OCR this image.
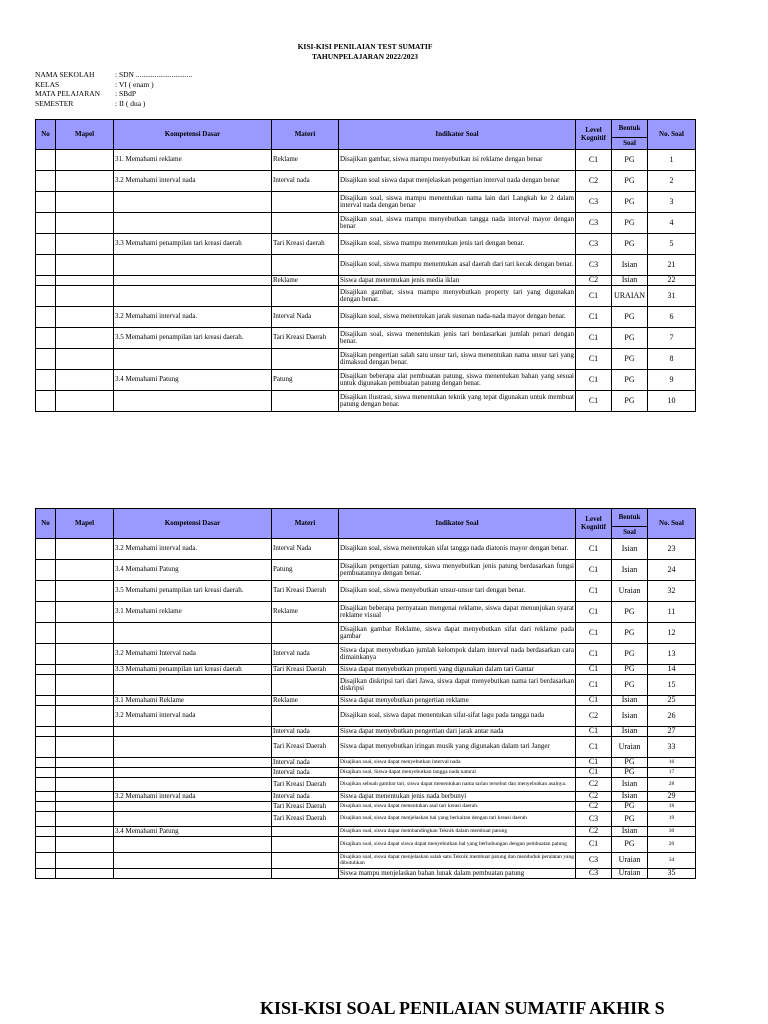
KISI-KISI PENILAIAN TEST SUMATIF
TAHUNPELAJARAN 2022/2023
NAMA SEKOLAH	: SDN ..............................
KELAS	: VI ( enam )
MATA PELAJARAN	: SBdP
SEMESTER	: II ( dua )
No	Mapel	Kompetensi Dasar	Materi	Indikator Soal	Level Kognitif	Bentuk	No. Soal
						Soal	
		31. Memahami reklame	Reklame	Disajikan gambar, siswa mampu menyebutkan isi reklame dengan benar	C1	PG	1
		3.2 Memahami interval nada	Interval nada	Disajikan soal siswa dapat menjelaskan pengertian interval nada dengan benar	C2	PG	2
				Disajikan soal, siswa mampu menentukan nama lain dari Langkah ke 2 dalam interval nada dengan benar	C3	PG	3
				Disajikan soal, siswa mampu menyebutkan tangga nada interval mayor dengan benar	C3	PG	4
		3.3 Memahami penampilan tari kreasi daerah	Tari Kreasi daerah	Disajikan soal, siswa mampu menentukan jenis tari dengan benar.	C3	PG	5
				Disajikan soal, siswa mampu menentukan asal daerah dari tari kecak dengan benar.	C3	Isian	21
			Reklame	Siswa dapat menentukan jenis media iklan	C2	Isian	22
				Disajikan gambar, siswa mampu menyebutkan property tari yang digunakan dengan benar.	C1	URAIAN	31
		3.2 Memahami interval nada.	Interval Nada	Disajikan soal, siswa menentukan jarak susunan nada-nada mayor dengan benar.	C1	PG	6
		3.5 Memahami penampilan tari kreasi daerah.	Tari Kreasi Daerah	Disajikan soal, siswa menentukan jenis tari berdasarkan jumlah penari dengan benar.	C1	PG	7
				Disajikan pengertian salah satu unsur tari, siswa menentukan nama unsur tari yang dimaksud dengan benar.	C1	PG	8
		3.4 Memahami Patung	Patung	Disajikan beberapa alat pembuatan patung, siswa menentukan bahan yang sesuai untuk digunakan pembuatan patung dengan benar.	C1	PG	9
				Disajikan ilustrasi, siswa menentukan teknik yang tepat digunakan untuk membuat patung dengan benar.	C1	PG	10
No	Mapel	Kompetensi Dasar	Materi	Indikator Soal	Level Kognitif	Bentuk	No. Soal
						Soal	
		3.2 Memahami interval nada.	Interval Nada	Disajikan soal, siswa menentukan sifat tangga nada diatonis mayor dengan benar.	C1	Isian	23
		3.4 Memahami Patung	Patung	Disajikan pengertian patung, siswa menyebutkan jenis patung berdasarkan fungsi pembuatannya dengan benar.	C1	Isian	24
		3.5 Memahami penampilan tari kreasi daerah.	Tari Kreasi Daerah	Disajikan soal, siswa menyebutkan unsur-unsur tari dengan benar.	C1	Uraian	32
		3.1 Memahami reklame	Reklame	Disajikan beberapa pernyataan mengenai reklame, siswa dapat menunjukan syarat reklame visual	C1	PG	11
				Disajikan gambar Reklame, siswa dapat menyebutkan sifat dari reklame pada gambar	C1	PG	12
		3.2 Memahami Interval nada	Interval nada	Siswa dapat menyebutkan jumlah kelompok dalam interval nada berdasarkan cara dimainkanya	C1	PG	13
		3.3 Memahami penampilan tari kreasi daerah	Tari Kreasi Daerah	Siswa dapat menyebutkan properti yang digunakan dalam tari Gantar	C1	PG	14
				Disajikan diskripsi tari dari Jawa, siswa dapat menyebutkan nama tari berdasarkan diskripsi	C1	PG	15
		3.1 Memahami Reklame	Reklame	Siswa dapat menyebutkan pengertian reklame	C1	Isian	25
		3.2 Memahami interval nada		Disajikan soal, siswa dapat menentukan sifat-sifat lagu pada tangga nada	C2	Isian	26
			Interval nada	Siswa dapat menyebutkan pengertian dari jarak antar nada	C1	Isian	27
			Tari Kreasi Daerah	Siswa dapat menyebutkan iringan musik yang digunakan dalam tari Janger	C1	Uraian	33
			Interval nada	Disajikan soal, siswa dapat menyebutkan interval nada	C1	PG	16
			Interval nada	Disajikan soal, Siswa dapat menyebutkan tangga nada natural	C1	PG	17
			Tari Kreasi Daerah	Disajikan sebuah gambar tari, siswa dapat menentukan nama tarian tersebut dan menyebutkan asalnya.	C2	Isian	28
		3.2 Memahami interval nada	Interval nada	Siswa dapat menentukan jenis nada berbunyi	C2	Isian	29
			Tari Kreasi Daerah	Disajikan soal, siswa dapat menentukan asal tari kreasi daerah.	C2	PG	18
			Tari Kreasi Daerah	Disajikan soal, siswa dapat menjelaskan hal yang berkaitan dengan tari kreasi daerah	C3	PG	19
		3.4 Memahami Patung		Disajikan soal, siswa dapat membandingkan Teknik dalam membuat patung	C2	Isian	30
				Disajikan soal, siswa dapat siswa dapat menyebutkan hal yang berhubungan dengan pembuatan patung	C1	PG	20
				Disajikan soal, siswa dapat menjelaskan salah satu Teknik membuat patung dan menduduk peralatan yang dibutuhkan	C3	Uraian	34
				Siswa mampu menjelaskan bahan lunak dalam pembuatan patung	C3	Uraian	35
KISI-KISI SOAL PENILAIAN SUMATIF AKHIR S
